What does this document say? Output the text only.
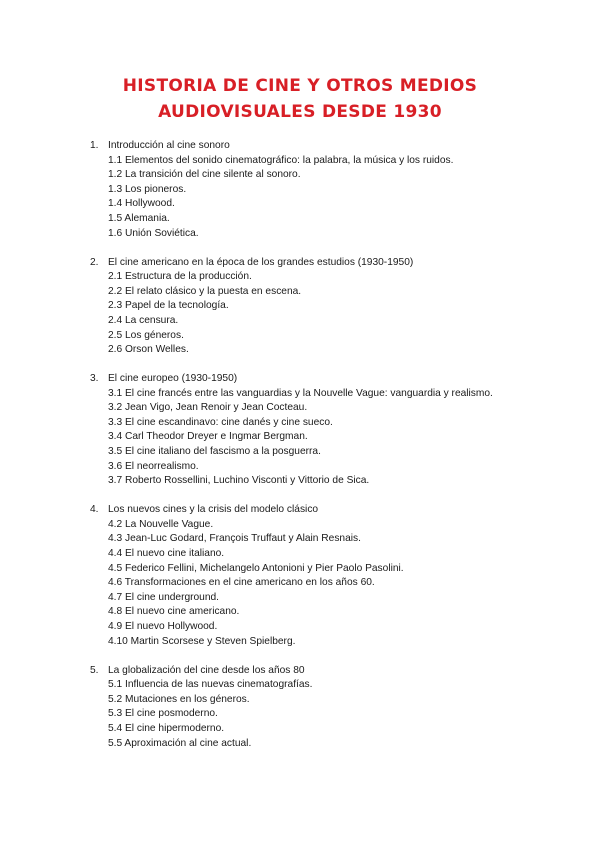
HISTORIA DE CINE Y OTROS MEDIOS
AUDIOVISUALES DESDE 1930
1. Introducción al cine sonoro
1.1 Elementos del sonido cinematográfico: la palabra, la música y los ruidos.
1.2 La transición del cine silente al sonoro.
1.3 Los pioneros.
1.4 Hollywood.
1.5 Alemania.
1.6 Unión Soviética.
2. El cine americano en la época de los grandes estudios (1930-1950)
2.1 Estructura de la producción.
2.2 El relato clásico y la puesta en escena.
2.3 Papel de la tecnología.
2.4 La censura.
2.5 Los géneros.
2.6 Orson Welles.
3. El cine europeo (1930-1950)
3.1 El cine francés entre las vanguardias y la Nouvelle Vague: vanguardia y realismo.
3.2 Jean Vigo, Jean Renoir y Jean Cocteau.
3.3 El cine escandinavo: cine danés y cine sueco.
3.4 Carl Theodor Dreyer e Ingmar Bergman.
3.5 El cine italiano del fascismo a la posguerra.
3.6 El neorrealismo.
3.7 Roberto Rossellini, Luchino Visconti y Vittorio de Sica.
4. Los nuevos cines y la crisis del modelo clásico
4.2 La Nouvelle Vague.
4.3 Jean-Luc Godard, François Truffaut y Alain Resnais.
4.4 El nuevo cine italiano.
4.5 Federico Fellini, Michelangelo Antonioni y Pier Paolo Pasolini.
4.6 Transformaciones en el cine americano en los años 60.
4.7 El cine underground.
4.8 El nuevo cine americano.
4.9 El nuevo Hollywood.
4.10 Martin Scorsese y Steven Spielberg.
5. La globalización del cine desde los años 80
5.1 Influencia de las nuevas cinematografías.
5.2 Mutaciones en los géneros.
5.3 El cine posmoderno.
5.4 El cine hipermoderno.
5.5 Aproximación al cine actual.
